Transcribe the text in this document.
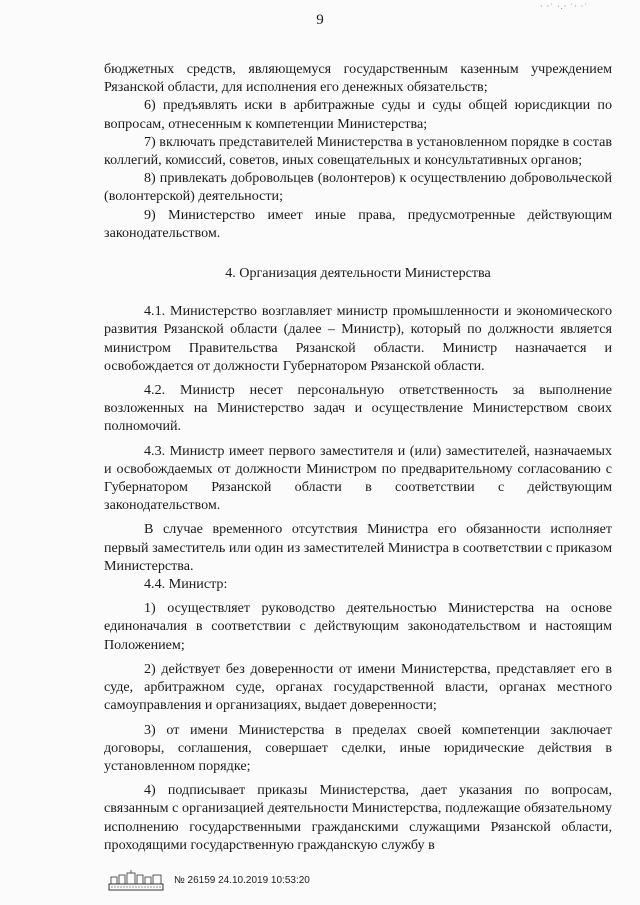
· ·˙ ·.· ˙· ·˙
9

бюджетных средств, являющемуся государственным казенным учреждением Рязанской области, для исполнения его денежных обязательств;

6) предъявлять иски в арбитражные суды и суды общей юрисдикции по вопросам, отнесенным к компетенции Министерства;

7) включать представителей Министерства в установленном порядке в состав коллегий, комиссий, советов, иных совещательных и консультативных органов;

8) привлекать добровольцев (волонтеров) к осуществлению добровольческой (волонтерской) деятельности;

9) Министерство имеет иные права, предусмотренные действующим законодательством.

4. Организация деятельности Министерства

4.1. Министерство возглавляет министр промышленности и экономического развития Рязанской области (далее – Министр), который по должности является министром Правительства Рязанской области. Министр назначается и освобождается от должности Губернатором Рязанской области.

4.2. Министр несет персональную ответственность за выполнение возложенных на Министерство задач и осуществление Министерством своих полномочий.

4.3. Министр имеет первого заместителя и (или) заместителей, назначаемых и освобождаемых от должности Министром по предварительному согласованию с Губернатором Рязанской области в соответствии с действующим законодательством.

В случае временного отсутствия Министра его обязанности исполняет первый заместитель или один из заместителей Министра в соответствии с приказом Министерства.

4.4. Министр:

1) осуществляет руководство деятельностью Министерства на основе единоначалия в соответствии с действующим законодательством и настоящим Положением;

2) действует без доверенности от имени Министерства, представляет его в суде, арбитражном суде, органах государственной власти, органах местного самоуправления и организациях, выдает доверенности;

3) от имени Министерства в пределах своей компетенции заключает договоры, соглашения, совершает сделки, иные юридические действия в установленном порядке;

4) подписывает приказы Министерства, дает указания по вопросам, связанным с организацией деятельности Министерства, подлежащие обязательному исполнению государственными гражданскими служащими Рязанской области, проходящими государственную гражданскую службу в

№ 26159 24.10.2019 10:53:20
